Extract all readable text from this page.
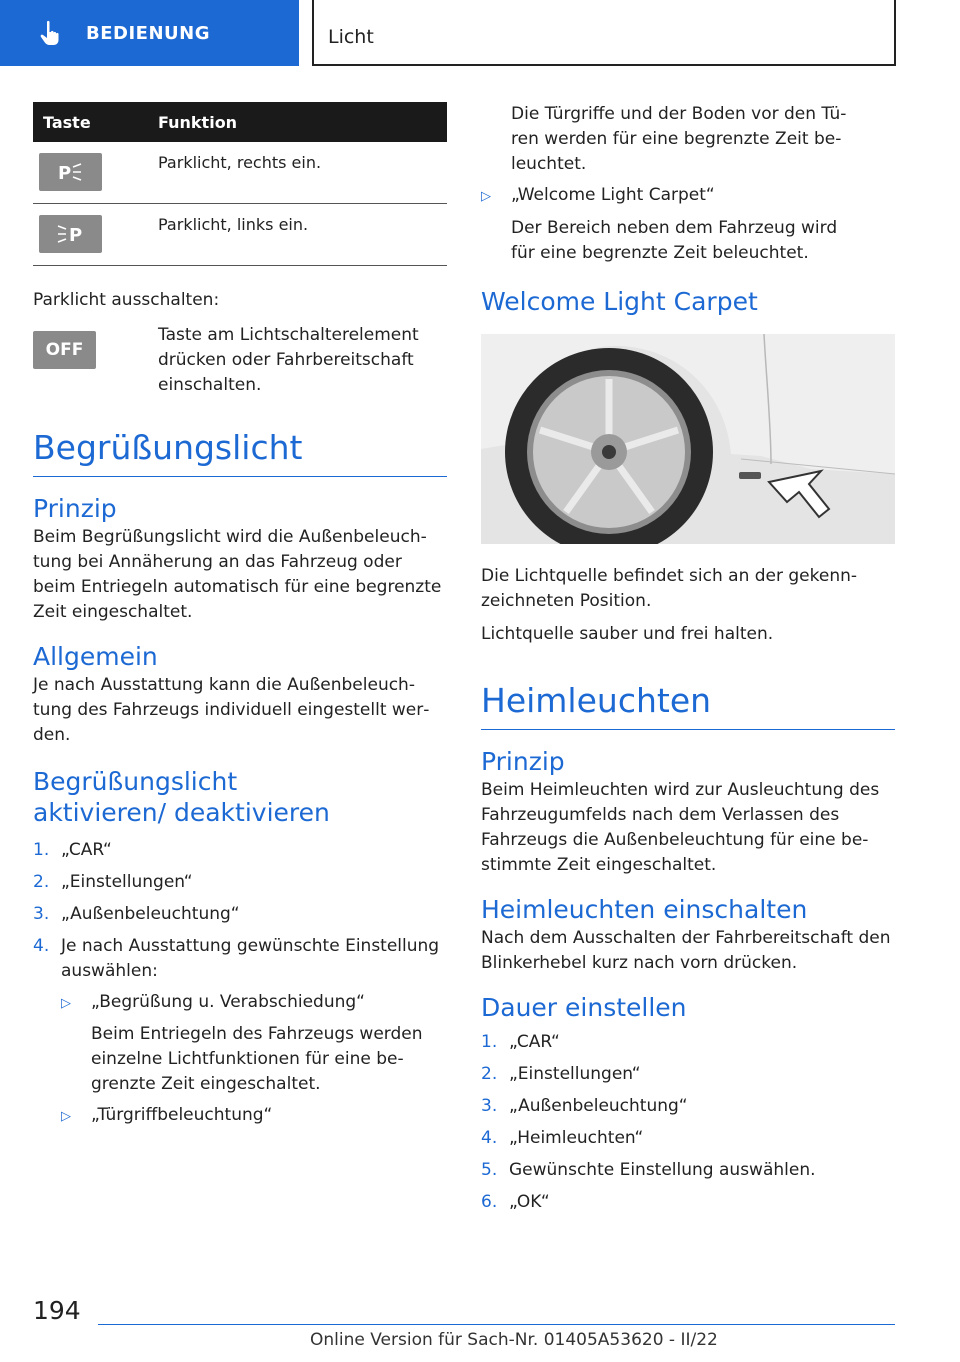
BEDIENUNG	Licht
Taste	Funktion
P
Parklicht, rechts ein.
P
Parklicht, links ein.

Parklicht ausschalten:

OFF

Taste am Lichtschalterelement drücken oder Fahrbereitschaft einschalten.

Begrüßungslicht
Prinzip

Beim Begrüßungslicht wird die Außenbeleuchtung bei Annäherung an das Fahrzeug oder beim Entriegeln automatisch für eine begrenzte Zeit eingeschaltet.

Allgemein

Je nach Ausstattung kann die Außenbeleuchtung des Fahrzeugs individuell eingestellt werden.

Begrüßungslicht aktivieren/ deaktivieren
1. „CAR“
2. „Einstellungen“
3. „Außenbeleuchtung“
4. Je nach Ausstattung gewünschte Einstellung auswählen:
▷	„Begrüßung u. Verabschiedung“
Beim Entriegeln des Fahrzeugs werden einzelne Lichtfunktionen für eine begrenzte Zeit eingeschaltet.
▷	„Türgriffbeleuchtung“
Die Türgriffe und der Boden vor den Türen werden für eine begrenzte Zeit beleuchtet.
▷	„Welcome Light Carpet“
Der Bereich neben dem Fahrzeug wird für eine begrenzte Zeit beleuchtet.
Welcome Light Carpet

Die Lichtquelle befindet sich an der gekennzeichneten Position.

Lichtquelle sauber und frei halten.

Heimleuchten
Prinzip

Beim Heimleuchten wird zur Ausleuchtung des Fahrzeugumfelds nach dem Verlassen des Fahrzeugs die Außenbeleuchtung für eine bestimmte Zeit eingeschaltet.

Heimleuchten einschalten

Nach dem Ausschalten der Fahrbereitschaft den Blinkerhebel kurz nach vorn drücken.

Dauer einstellen
1. „CAR“
2. „Einstellungen“
3. „Außenbeleuchtung“
4. „Heimleuchten“
5. Gewünschte Einstellung auswählen.
6. „OK“
194
Online Version für Sach-Nr. 01405A53620 - II/22
